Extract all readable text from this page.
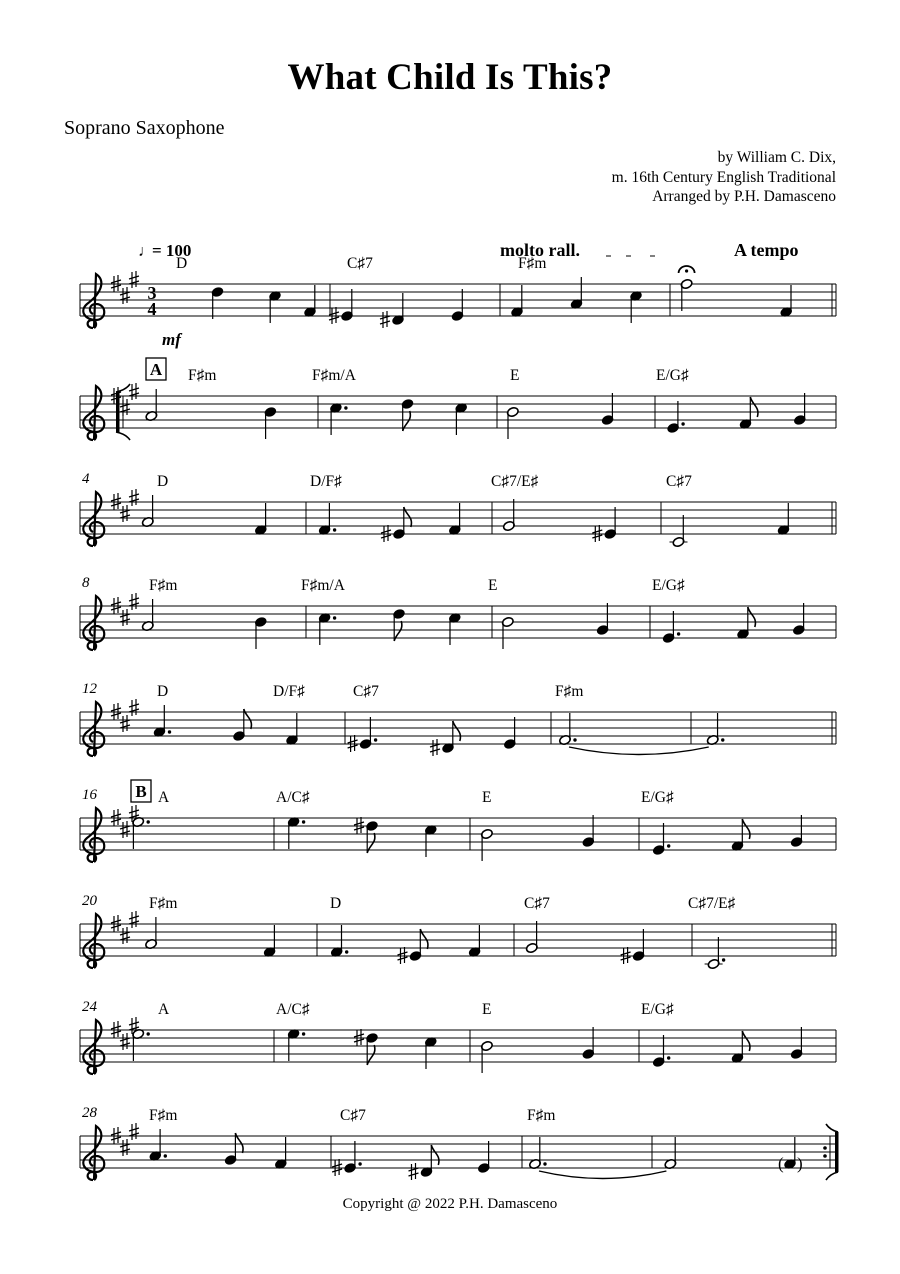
What Child Is This?
Soprano Saxophone
by William C. Dix,
m. 16th Century English Traditional
Arranged by P.H. Damasceno
3
4
D	C♯7	F♯m
A F♯m	F♯m/A	E	E/G♯
4	D	D/F♯	C♯7/E♯	C♯7
8	F♯m	F♯m/A	E	E/G♯
12	D	D/F♯	C♯7	F♯m
16 B A	A/C♯	E	E/G♯
20	F♯m	D	C♯7	C♯7/E♯
24	A	A/C♯	E	E/G♯
28	F♯m	C♯7	F♯m
( )
♩
= 100	molto rall.	A tempo
mf
Copyright @ 2022 P.H. Damasceno
